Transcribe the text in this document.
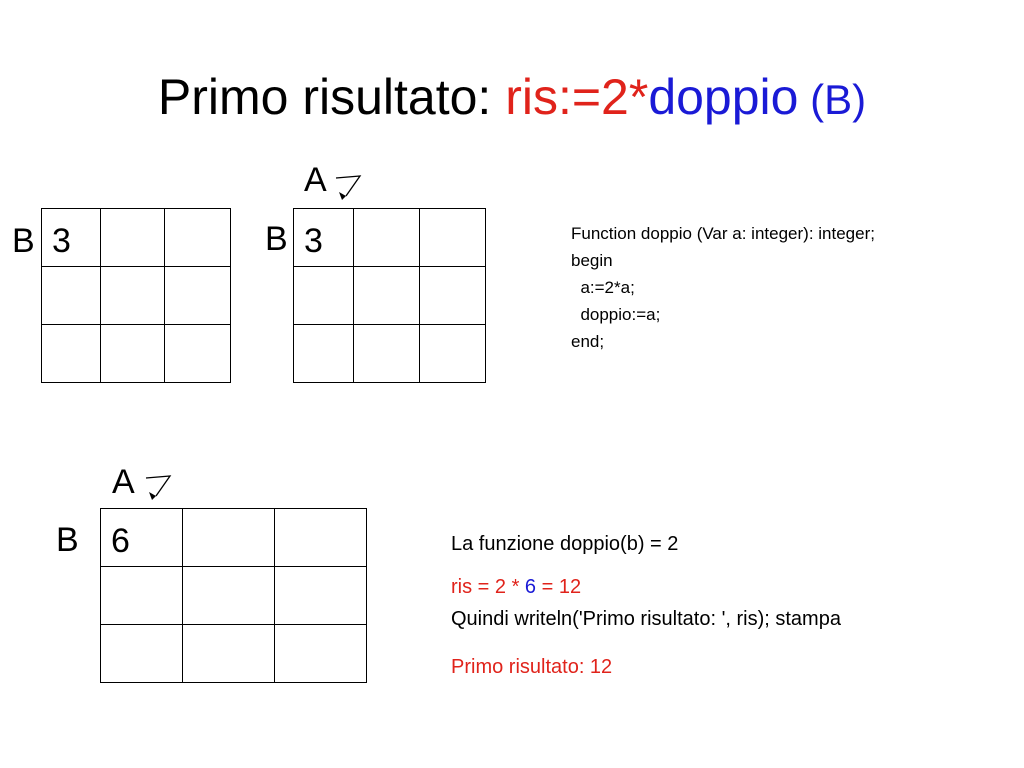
Primo risultato: ris:=2*doppio (B)
B 3		

A
B 3		

		Function doppio (Var a: integer): integer;
begin
a:=2*a;
doppio:=a;
end;
A
B 6		

		La funzione doppio(b) = 2
ris = 2 * 6 = 12
Quindi writeln('Primo risultato: ', ris); stampa
Primo risultato: 12
